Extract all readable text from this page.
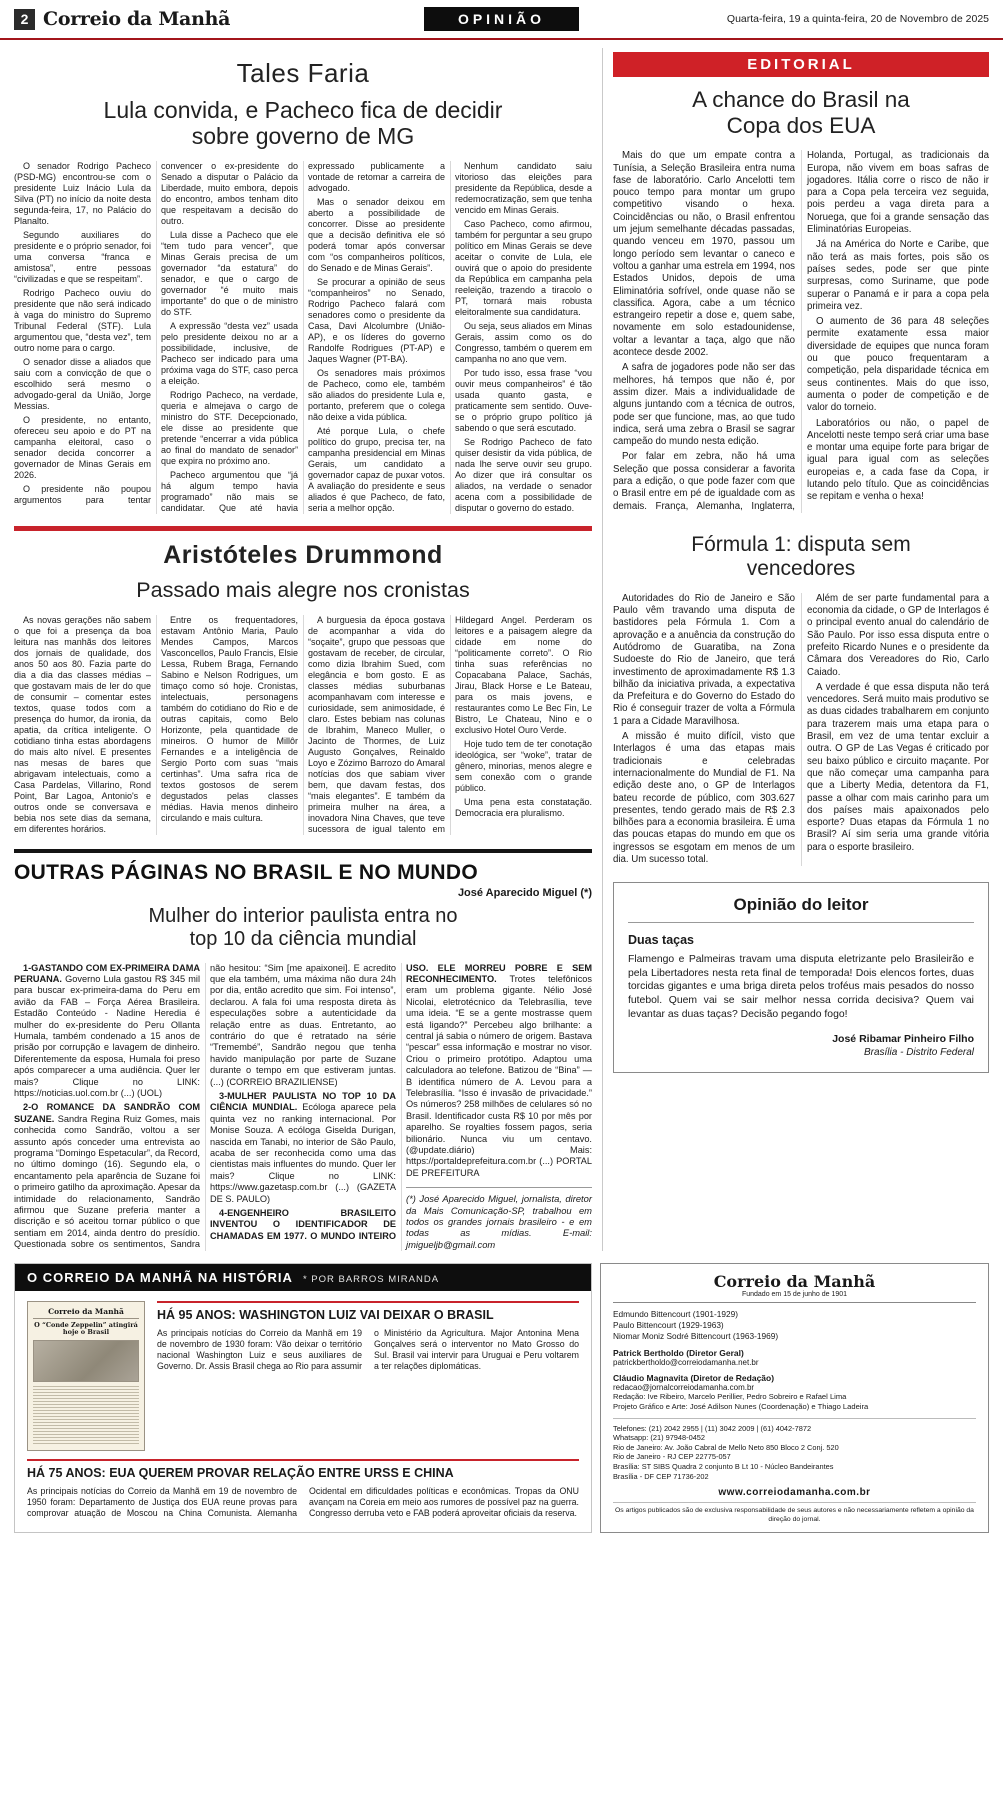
2 Correio da Manhã	OPINIÃO	Quarta-feira, 19 a quinta-feira, 20 de Novembro de 2025
Tales Faria
Lula convida, e Pacheco fica de decidir sobre governo de MG

O senador Rodrigo Pacheco (PSD-MG) encontrou-se com o presidente Luiz Inácio Lula da Silva (PT) no início da noite desta segunda-feira, 17, no Palácio do Planalto.

Segundo auxiliares do presidente e o próprio senador, foi uma conversa “franca e amistosa”, entre pessoas “civilizadas e que se respeitam”.

Rodrigo Pacheco ouviu do presidente que não será indicado à vaga do ministro do Supremo Tribunal Federal (STF). Lula argumentou que, “desta vez”, tem outro nome para o cargo.

O senador disse a aliados que saiu com a convicção de que o escolhido será mesmo o advogado-geral da União, Jorge Messias.

O presidente, no entanto, ofereceu seu apoio e do PT na campanha eleitoral, caso o senador decida concorrer a governador de Minas Gerais em 2026.

O presidente não poupou argumentos para tentar convencer o ex-presidente do Senado a disputar o Palácio da Liberdade, muito embora, depois do encontro, ambos tenham dito que respeitavam a decisão do outro.

Lula disse a Pacheco que ele “tem tudo para vencer”, que Minas Gerais precisa de um governador “da estatura” do senador, e que o cargo de governador “é muito mais importante” do que o de ministro do STF.

A expressão “desta vez” usada pelo presidente deixou no ar a possibilidade, inclusive, de Pacheco ser indicado para uma próxima vaga do STF, caso perca a eleição.

Rodrigo Pacheco, na verdade, queria e almejava o cargo de ministro do STF. Decepcionado, ele disse ao presidente que pretende “encerrar a vida pública ao final do mandato de senador” que expira no próximo ano.

Pacheco argumentou que “já há algum tempo havia programado” não mais se candidatar. Que até havia expressado publicamente a vontade de retomar a carreira de advogado.

Mas o senador deixou em aberto a possibilidade de concorrer. Disse ao presidente que a decisão definitiva ele só poderá tomar após conversar com “os companheiros políticos, do Senado e de Minas Gerais”.

Se procurar a opinião de seus “companheiros” no Senado, Rodrigo Pacheco falará com senadores como o presidente da Casa, Davi Alcolumbre (União-AP), e os líderes do governo Randolfe Rodrigues (PT-AP) e Jaques Wagner (PT-BA).

Os senadores mais próximos de Pacheco, como ele, também são aliados do presidente Lula e, portanto, preferem que o colega não deixe a vida pública.

Até porque Lula, o chefe político do grupo, precisa ter, na campanha presidencial em Minas Gerais, um candidato a governador capaz de puxar votos. A avaliação do presidente e seus aliados é que Pacheco, de fato, seria a melhor opção.

Nenhum candidato saiu vitorioso das eleições para presidente da República, desde a redemocratização, sem que tenha vencido em Minas Gerais.

Caso Pacheco, como afirmou, também for perguntar a seu grupo político em Minas Gerais se deve aceitar o convite de Lula, ele ouvirá que o apoio do presidente da República em campanha pela reeleição, trazendo a tiracolo o PT, tornará mais robusta eleitoralmente sua candidatura.

Ou seja, seus aliados em Minas Gerais, assim como os do Congresso, também o querem em campanha no ano que vem.

Por tudo isso, essa frase “vou ouvir meus companheiros” é tão usada quanto gasta, e praticamente sem sentido. Ouve-se o próprio grupo político já sabendo o que será escutado.

Se Rodrigo Pacheco de fato quiser desistir da vida pública, de nada lhe serve ouvir seu grupo. Ao dizer que irá consultar os aliados, na verdade o senador acena com a possibilidade de disputar o governo do estado.

Aristóteles Drummond
Passado mais alegre nos cronistas

As novas gerações não sabem o que foi a presença da boa leitura nas manhãs dos leitores dos jornais de qualidade, dos anos 50 aos 80. Fazia parte do dia a dia das classes médias – que gostavam mais de ler do que de consumir – comentar estes textos, quase todos com a presença do humor, da ironia, da apatia, da crítica inteligente. O cotidiano tinha estas abordagens do mais alto nível. E presentes nas mesas de bares que abrigavam intelectuais, como a Casa Pardelas, Villarino, Rond Point, Bar Lagoa, Antonio's e outros onde se conversava e bebia nos sete dias da semana, em diferentes horários.

Entre os frequentadores, estavam Antônio Maria, Paulo Mendes Campos, Marcos Vasconcellos, Paulo Francis, Elsie Lessa, Rubem Braga, Fernando Sabino e Nelson Rodrigues, um timaço como só hoje. Cronistas, intelectuais, personagens também do cotidiano do Rio e de outras capitais, como Belo Horizonte, pela quantidade de mineiros. O humor de Millôr Fernandes e a inteligência de Sergio Porto com suas “mais certinhas”. Uma safra rica de textos gostosos de serem degustados pelas classes médias. Havia menos dinheiro circulando e mais cultura.

A burguesia da época gostava de acompanhar a vida do “soçaite”, grupo que pessoas que gostavam de receber, de circular, como dizia Ibrahim Sued, com elegância e bom gosto. E as classes médias suburbanas acompanhavam com interesse e curiosidade, sem animosidade, é claro. Estes bebiam nas colunas de Ibrahim, Maneco Muller, o Jacinto de Thormes, de Luiz Augusto Gonçalves, Reinaldo Loyo e Zózimo Barrozo do Amaral notícias dos que sabiam viver bem, que davam festas, dos “mais elegantes”. E também da primeira mulher na área, a inovadora Nina Chaves, que teve sucessora de igual talento em Hildegard Angel. Perderam os leitores e a paisagem alegre da cidade em nome do “politicamente correto”. O Rio tinha suas referências no Copacabana Palace, Sachás, Jirau, Black Horse e Le Bateau, para os mais jovens, e restaurantes como Le Bec Fin, Le Bistro, Le Chateau, Nino e o exclusivo Hotel Ouro Verde.

Hoje tudo tem de ter conotação ideológica, ser “woke”, tratar de gênero, minorias, menos alegre e sem conexão com o grande público.

Uma pena esta constatação. Democracia era pluralismo.

OUTRAS PÁGINAS NO BRASIL E NO MUNDO
José Aparecido Miguel (*)
Mulher do interior paulista entra no top 10 da ciência mundial

1-GASTANDO COM EX-PRIMEIRA DAMA PERUANA. Governo Lula gastou R$ 345 mil para buscar ex-primeira-dama do Peru em avião da FAB – Força Aérea Brasileira. Estadão Conteúdo - Nadine Heredia é mulher do ex-presidente do Peru Ollanta Humala, também condenado a 15 anos de prisão por corrupção e lavagem de dinheiro. Diferentemente da esposa, Humala foi preso após comparecer a uma audiência. Quer ler mais? Clique no LINK: https://noticias.uol.com.br (...) (UOL)

2-O ROMANCE DA SANDRÃO COM SUZANE. Sandra Regina Ruiz Gomes, mais conhecida como Sandrão, voltou a ser assunto após conceder uma entrevista ao programa “Domingo Espetacular”, da Record, no último domingo (16). Segundo ela, o encantamento pela aparência de Suzane foi o primeiro gatilho da aproximação. Apesar da intimidade do relacionamento, Sandrão afirmou que Suzane preferia manter a discrição e só aceitou tornar público o que sentiam em 2014, ainda dentro do presídio. Questionada sobre os sentimentos, Sandra não hesitou: “Sim [me apaixonei]. E acredito que ela também, uma máxima não dura 24h por dia, então acredito que sim. Foi intenso”, declarou. A fala foi uma resposta direta às especulações sobre a autenticidade da relação entre as duas. Entretanto, ao contrário do que é retratado na série “Tremembé”, Sandrão negou que tenha havido manipulação por parte de Suzane durante o tempo em que estiveram juntas. (...) (CORREIO BRAZILIENSE)

3-MULHER PAULISTA NO TOP 10 DA CIÊNCIA MUNDIAL. Ecóloga aparece pela quinta vez no ranking internacional. Por Monise Souza. A ecóloga Giselda Durigan, nascida em Tanabi, no interior de São Paulo, acaba de ser reconhecida como uma das cientistas mais influentes do mundo. Quer ler mais? Clique no LINK: https://www.gazetasp.com.br (...) (GAZETA DE S. PAULO)

4-ENGENHEIRO BRASILEITO INVENTOU O IDENTIFICADOR DE CHAMADAS EM 1977. O MUNDO INTEIRO USO. ELE MORREU POBRE E SEM RECONHECIMENTO. Trotes telefônicos eram um problema gigante. Nélio José Nicolai, eletrotécnico da Telebrasília, teve uma ideia. “E se a gente mostrasse quem está ligando?” Percebeu algo brilhante: a central já sabia o número de origem. Bastava “pescar” essa informação e mostrar no visor. Criou o primeiro protótipo. Adaptou uma calculadora ao telefone. Batizou de “Bina” — B identifica número de A. Levou para a Telebrasília. “Isso é invasão de privacidade.” Os números? 258 milhões de celulares só no Brasil. Identificador custa R$ 10 por mês por aparelho. Se royalties fossem pagos, seria bilionário. Nunca viu um centavo. (@update.diário) Mais: https://portaldeprefeitura.com.br (...) PORTAL DE PREFEITURA

(*) José Aparecido Miguel, jornalista, diretor da Mais Comunicação-SP, trabalhou em todos os grandes jornais brasileiro - e em todas as mídias. E-mail: jmigueljb@gmail.com

EDITORIAL
A chance do Brasil na Copa dos EUA

Mais do que um empate contra a Tunísia, a Seleção Brasileira entra numa fase de laboratório. Carlo Ancelotti tem pouco tempo para montar um grupo competitivo visando o hexa. Coincidências ou não, o Brasil enfrentou um jejum semelhante décadas passadas, quando venceu em 1970, passou um longo período sem levantar o caneco e voltou a ganhar uma estrela em 1994, nos Estados Unidos, depois de uma Eliminatória sofrível, onde quase não se classifica. Agora, cabe a um técnico estrangeiro repetir a dose e, quem sabe, novamente em solo estadounidense, voltar a levantar a taça, algo que não acontece desde 2002.

A safra de jogadores pode não ser das melhores, há tempos que não é, por assim dizer. Mais a individualidade de alguns juntando com a técnica de outros, pode ser que funcione, mas, ao que tudo indica, será uma zebra o Brasil se sagrar campeão do mundo nesta edição.

Por falar em zebra, não há uma Seleção que possa considerar a favorita para a edição, o que pode fazer com que o Brasil entre em pé de igualdade com as demais. França, Alemanha, Inglaterra, Holanda, Portugal, as tradicionais da Europa, não vivem em boas safras de jogadores. Itália corre o risco de não ir para a Copa pela terceira vez seguida, pois perdeu a vaga direta para a Noruega, que foi a grande sensação das Eliminatórias Europeias.

Já na América do Norte e Caribe, que não terá as mais fortes, pois são os países sedes, pode ser que pinte surpresas, como Suriname, que pode superar o Panamá e ir para a copa pela primeira vez.

O aumento de 36 para 48 seleções permite exatamente essa maior diversidade de equipes que nunca foram ou que pouco frequentaram a competição, pela disparidade técnica em seus continentes. Mais do que isso, aumenta o poder de competição e de valor do torneio.

Laboratórios ou não, o papel de Ancelotti neste tempo será criar uma base e montar uma equipe forte para brigar de igual para igual com as seleções europeias e, a cada fase da Copa, ir lutando pelo título. Que as coincidências se repitam e venha o hexa!

Fórmula 1: disputa sem vencedores

Autoridades do Rio de Janeiro e São Paulo vêm travando uma disputa de bastidores pela Fórmula 1. Com a aprovação e a anuência da construção do Autódromo de Guaratiba, na Zona Sudoeste do Rio de Janeiro, que terá investimento de aproximadamente R$ 1.3 bilhão da iniciativa privada, a expectativa da Prefeitura e do Governo do Estado do Rio é conseguir trazer de volta a Fórmula 1 para a Cidade Maravilhosa.

A missão é muito difícil, visto que Interlagos é uma das etapas mais tradicionais e celebradas internacionalmente do Mundial de F1. Na edição deste ano, o GP de Interlagos bateu recorde de público, com 303.627 presentes, tendo gerado mais de R$ 2.3 bilhões para a economia brasileira. É uma das poucas etapas do mundo em que os ingressos se esgotam em menos de um dia. Um sucesso total.

Além de ser parte fundamental para a economia da cidade, o GP de Interlagos é o principal evento anual do calendário de São Paulo. Por isso essa disputa entre o prefeito Ricardo Nunes e o presidente da Câmara dos Vereadores do Rio, Carlo Caiado.

A verdade é que essa disputa não terá vencedores. Será muito mais produtivo se as duas cidades trabalharem em conjunto para trazerem mais uma etapa para o Brasil, em vez de uma tentar excluir a outra. O GP de Las Vegas é criticado por seu baixo público e circuito maçante. Por que não começar uma campanha para que a Liberty Media, detentora da F1, passe a olhar com mais carinho para um dos países mais apaixonados pelo esporte? Duas etapas da Fórmula 1 no Brasil? Aí sim seria uma grande vitória para o esporte brasileiro.

Opinião do leitor
Duas taças

Flamengo e Palmeiras travam uma disputa eletrizante pelo Brasileirão e pela Libertadores nesta reta final de temporada! Dois elencos fortes, duas torcidas gigantes e uma briga direta pelos troféus mais pesados do nosso futebol. Quem vai se sair melhor nessa corrida decisiva? Quem vai levantar as duas taças? Decisão pegando fogo!

José Ribamar Pinheiro Filho
Brasília - Distrito Federal
O CORREIO DA MANHÃ NA HISTÓRIA * POR BARROS MIRANDA
Correio da Manhã
O “Conde Zeppelin” atingirá hoje o Brasil
HÁ 95 ANOS: WASHINGTON LUIZ VAI DEIXAR O BRASIL
As principais notícias do Correio da Manhã em 19 de novembro de 1930 foram: Vão deixar o território nacional Washington Luiz e seus auxiliares de Governo. Dr. Assis Brasil chega ao Rio para assumir o Ministério da Agricultura. Major Antonina Mena Gonçalves será o interventor no Mato Grosso do Sul. Brasil vai intervir para Uruguai e Peru voltarem a ter relações diplomáticas.
HÁ 75 ANOS: EUA QUEREM PROVAR RELAÇÃO ENTRE URSS E CHINA
As principais notícias do Correio da Manhã em 19 de novembro de 1950 foram: Departamento de Justiça dos EUA reune provas para comprovar atuação de Moscou na China Comunista. Alemanha Ocidental em dificuldades políticas e econômicas. Tropas da ONU avançam na Coreia em meio aos rumores de possível paz na guerra. Congresso derruba veto e FAB poderá aproveitar oficiais da reserva.
Correio da Manhã
Fundado em 15 de junho de 1901
Edmundo Bittencourt (1901-1929)
Paulo Bittencourt (1929-1963)
Niomar Moniz Sodré Bittencourt (1963-1969)
Patrick Bertholdo (Diretor Geral)
patrickbertholdo@correiodamanha.net.br
Cláudio Magnavita (Diretor de Redação)
redacao@jornalcorreiodamanha.com.br
Redação: Ive Ribeiro, Marcelo Perillier, Pedro Sobreiro e Rafael Lima
Projeto Gráfico e Arte: José Adilson Nunes (Coordenação) e Thiago Ladeira
Telefones: (21) 2042 2955 | (11) 3042 2009 | (61) 4042-7872
Whatsapp: (21) 97948-0452
Rio de Janeiro: Av. João Cabral de Mello Neto 850 Bloco 2 Conj. 520
Rio de Janeiro - RJ CEP 22775-057
Brasília: ST SIBS Quadra 2 conjunto B Lt 10 - Núcleo Bandeirantes
Brasília - DF CEP 71736-202
www.correiodamanha.com.br
Os artigos publicados são de exclusiva responsabilidade de seus autores e não necessariamente refletem a opinião da direção do jornal.
